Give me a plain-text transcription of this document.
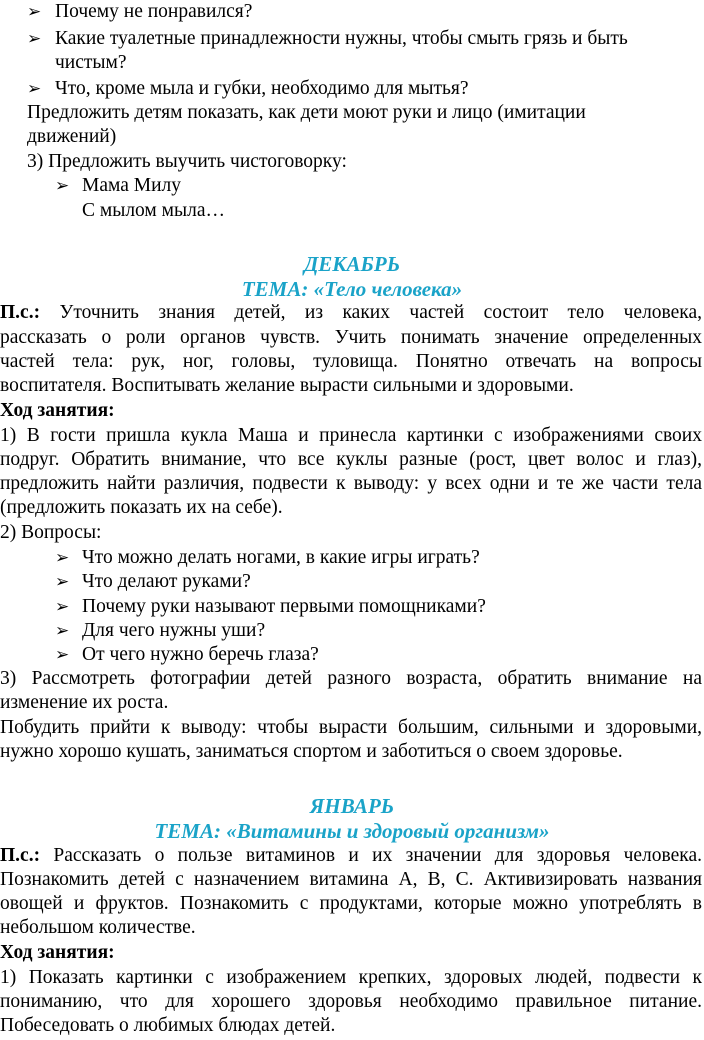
➢ Почему не понравился?
➢ Какие туалетные принадлежности нужны, чтобы смыть грязь и быть
чистым?
➢ Что, кроме мыла и губки, необходимо для мытья?
Предложить детям показать, как дети моют руки и лицо (имитации
движений)
3) Предложить выучить чистоговорку:
➢ Мама Милу
С мылом мыла…
ДЕКАБРЬ
ТЕМА: «Тело человека»
П.с.: Уточнить знания детей, из каких частей состоит тело человека,
рассказать о роли органов чувств. Учить понимать значение определенных
частей тела: рук, ног, головы, туловища. Понятно отвечать на вопросы
воспитателя. Воспитывать желание вырасти сильными и здоровыми.
Ход занятия:
1) В гости пришла кукла Маша и принесла картинки с изображениями своих
подруг. Обратить внимание, что все куклы разные (рост, цвет волос и глаз),
предложить найти различия, подвести к выводу: у всех одни и те же части тела
(предложить показать их на себе).
2) Вопросы:
➢ Что можно делать ногами, в какие игры играть?
➢ Что делают руками?
➢ Почему руки называют первыми помощниками?
➢ Для чего нужны уши?
➢ От чего нужно беречь глаза?
3) Рассмотреть фотографии детей разного возраста, обратить внимание на
изменение их роста.
Побудить прийти к выводу: чтобы вырасти большим, сильными и здоровыми,
нужно хорошо кушать, заниматься спортом и заботиться о своем здоровье.
ЯНВАРЬ
ТЕМА: «Витамины и здоровый организм»
П.с.: Рассказать о пользе витаминов и их значении для здоровья человека.
Познакомить детей с назначением витамина А, В, С. Активизировать названия
овощей и фруктов. Познакомить с продуктами, которые можно употреблять в
небольшом количестве.
Ход занятия:
1) Показать картинки с изображением крепких, здоровых людей, подвести к
пониманию, что для хорошего здоровья необходимо правильное питание.
Побеседовать о любимых блюдах детей.
